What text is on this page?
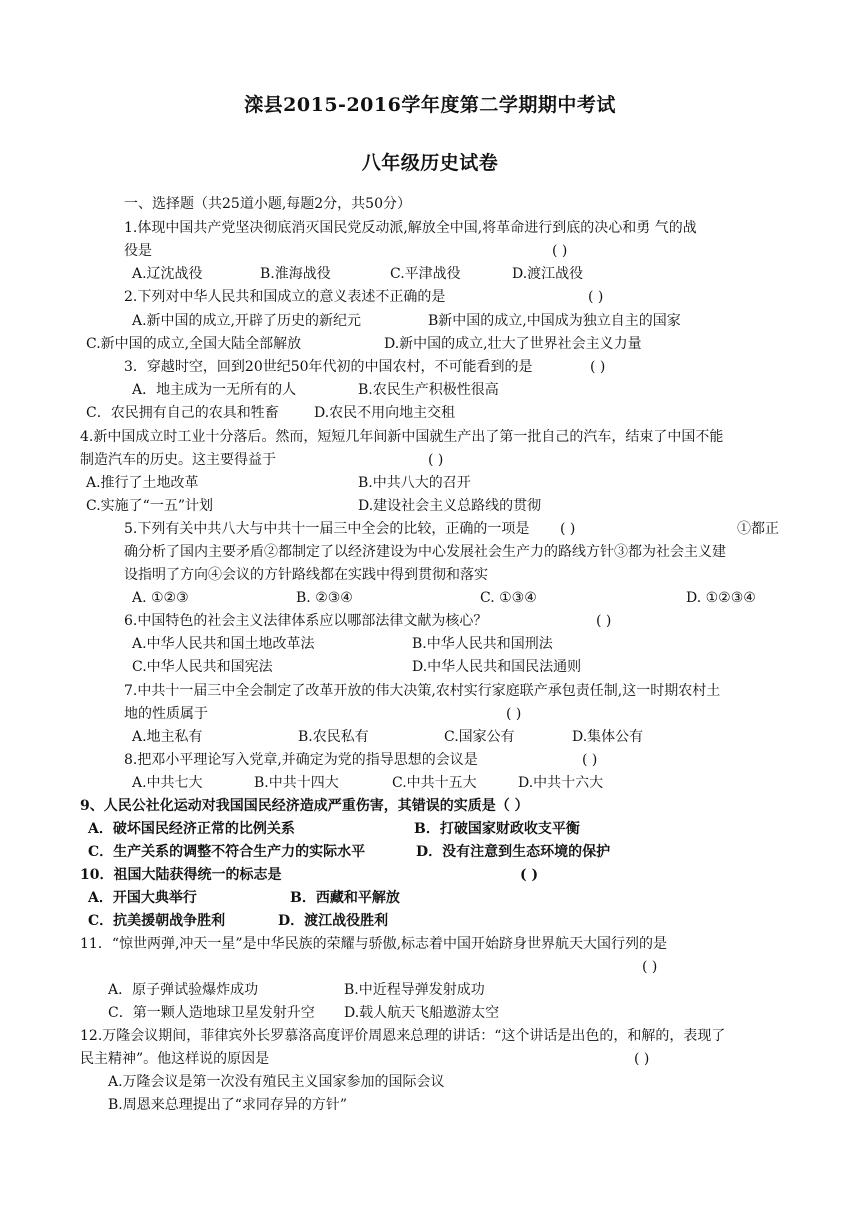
滦县2015-2016学年度第二学期期中考试
八年级历史试卷
一、选择题（共25道小题,每题2分，共50分）
1.体现中国共产党坚决彻底消灭国民党反动派,解放全中国,将革命进行到底的决心和勇 气的战
役是	( )
A.辽沈战役	B.淮海战役	C.平津战役	D.渡江战役
2.下列对中华人民共和国成立的意义表述不正确的是	( )
A.新中国的成立,开辟了历史的新纪元	B新中国的成立,中国成为独立自主的国家
C.新中国的成立,全国大陆全部解放	D.新中国的成立,壮大了世界社会主义力量
3．穿越时空，回到20世纪50年代初的中国农村，不可能看到的是	( )
A．地主成为一无所有的人	B.农民生产积极性很高
C．农民拥有自己的农具和牲畜	D.农民不用向地主交租
4.新中国成立时工业十分落后。然而，短短几年间新中国就生产出了第一批自己的汽车，结束了中国不能
制造汽车的历史。这主要得益于	( )
A.推行了土地改革	B.中共八大的召开
C.实施了“一五”计划	D.建设社会主义总路线的贯彻
5.下列有关中共八大与中共十一届三中全会的比较，正确的一项是 ( )	①都正
确分析了国内主要矛盾②都制定了以经济建设为中心发展社会生产力的路线方针③都为社会主义建
设指明了方向④会议的方针路线都在实践中得到贯彻和落实
A. ①②③	B. ②③④	C. ①③④	D. ①②③④
6.中国特色的社会主义法律体系应以哪部法律文献为核心？	( )
A.中华人民共和国土地改革法	B.中华人民共和国刑法
C.中华人民共和国宪法	D.中华人民共和国民法通则
7.中共十一届三中全会制定了改革开放的伟大决策,农村实行家庭联产承包责任制,这一时期农村土
地的性质属于	( )
A.地主私有	B.农民私有	C.国家公有	D.集体公有
8.把邓小平理论写入党章,并确定为党的指导思想的会议是	( )
A.中共七大	B.中共十四大	C.中共十五大	D.中共十六大
9、人民公社化运动对我国国民经济造成严重伤害，其错误的实质是（ ）
A．破坏国民经济正常的比例关系	B．打破国家财政收支平衡
C．生产关系的调整不符合生产力的实际水平	D．没有注意到生态环境的保护
10．祖国大陆获得统一的标志是	( )
A．开国大典举行	B．西藏和平解放
C．抗美援朝战争胜利	D．渡江战役胜利
11．“惊世两弹,冲天一星”是中华民族的荣耀与骄傲,标志着中国开始跻身世界航天大国行列的是
( )
A．原子弹试验爆炸成功	B.中近程导弹发射成功
C．第一颗人造地球卫星发射升空 D.载人航天飞船遨游太空
12.万隆会议期间，菲律宾外长罗慕洛高度评价周恩来总理的讲话：“这个讲话是出色的，和解的，表现了
民主精神”。他这样说的原因是	( )
A.万隆会议是第一次没有殖民主义国家参加的国际会议
B.周恩来总理提出了“求同存异的方针”
